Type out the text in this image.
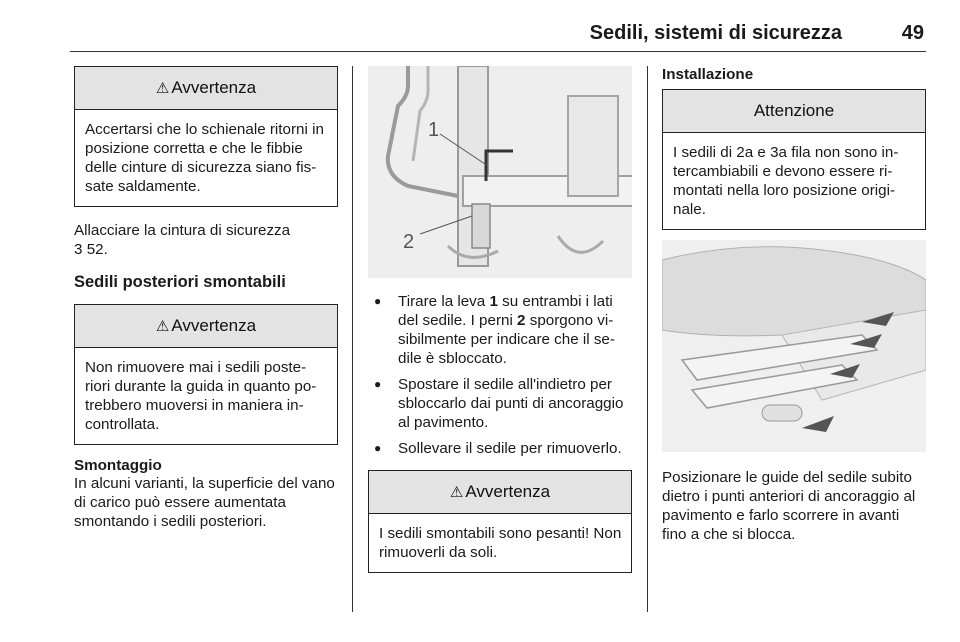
Sedili, sistemi di sicurezza	49
⚠ Avvertenza
Accertarsi che lo schienale ritorni in posizione corretta e che le fibbie delle cinture di sicurezza siano fis-sate saldamente.
Allacciare la cintura di sicurezza
3 52.
Sedili posteriori smontabili
⚠ Avvertenza
Non rimuovere mai i sedili poste-riori durante la guida in quanto po-trebbero muoversi in maniera in-controllata.
Smontaggio
In alcuni varianti, la superficie del vano di carico può essere aumentata smontando i sedili posteriori.
1
2
● Tirare la leva 1 su entrambi i lati del sedile. I perni 2 sporgono vi-sibilmente per indicare che il se-dile è sbloccato.
● Spostare il sedile all'indietro per sbloccarlo dai punti di ancoraggio al pavimento.
● Sollevare il sedile per rimuoverlo.
⚠ Avvertenza
I sedili smontabili sono pesanti! Non rimuoverli da soli.
Installazione
Attenzione
I sedili di 2a e 3a fila non sono in-tercambiabili e devono essere ri-montati nella loro posizione origi-nale.
Posizionare le guide del sedile subito dietro i punti anteriori di ancoraggio al pavimento e farlo scorrere in avanti fino a che si blocca.
